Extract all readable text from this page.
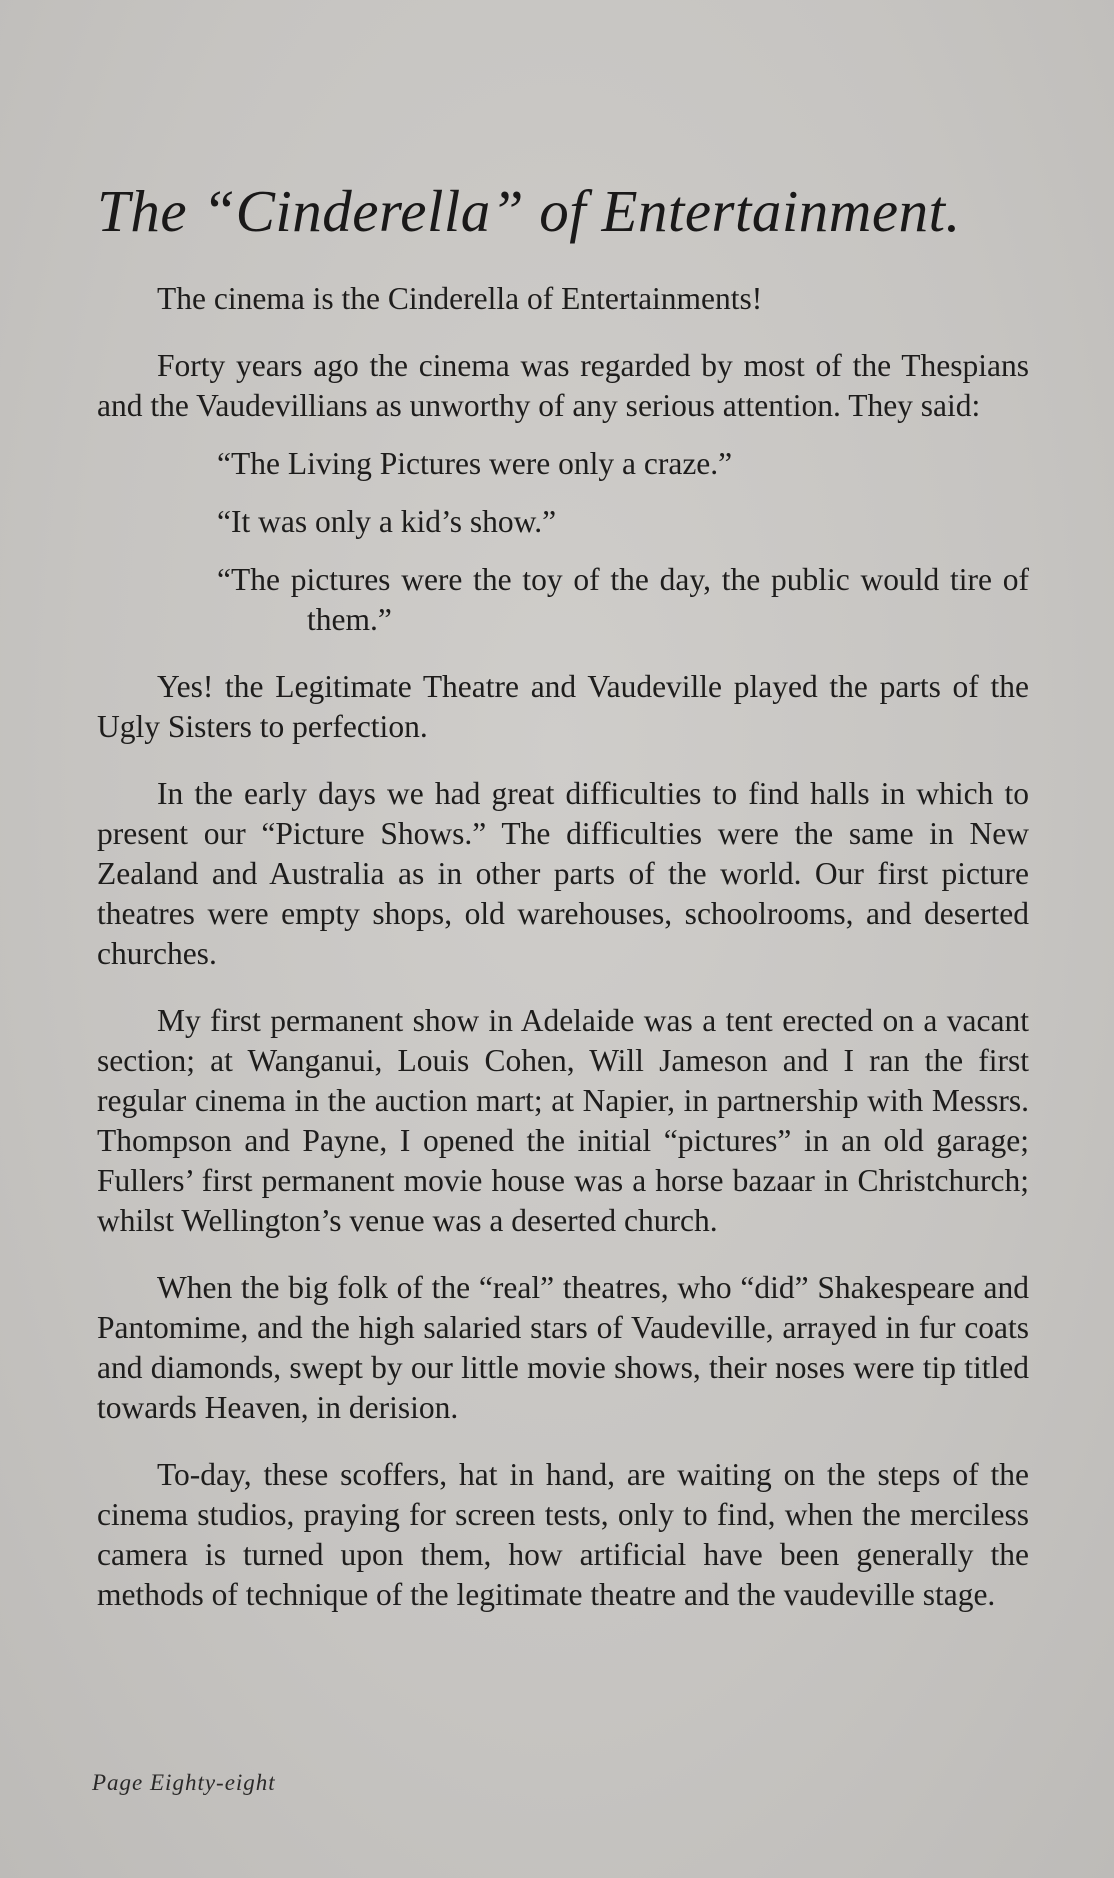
The “Cinderella” of Entertainment.

The cinema is the Cinderella of Entertainments!

Forty years ago the cinema was regarded by most of the Thespians and the Vaudevillians as unworthy of any serious attention. They said:

“The Living Pictures were only a craze.”

“It was only a kid’s show.”

“The pictures were the toy of the day, the public would tire of them.”

Yes! the Legitimate Theatre and Vaudeville played the parts of the Ugly Sisters to perfection.

In the early days we had great difficulties to find halls in which to present our “Picture Shows.” The difficulties were the same in New Zealand and Australia as in other parts of the world. Our first picture theatres were empty shops, old warehouses, schoolrooms, and deserted churches.

My first permanent show in Adelaide was a tent erected on a vacant section; at Wanganui, Louis Cohen, Will Jameson and I ran the first regular cinema in the auction mart; at Napier, in partnership with Messrs. Thompson and Payne, I opened the initial “pictures” in an old garage; Fullers’ first permanent movie house was a horse bazaar in Christchurch; whilst Wellington’s venue was a deserted church.

When the big folk of the “real” theatres, who “did” Shakespeare and Pantomime, and the high salaried stars of Vaudeville, arrayed in fur coats and diamonds, swept by our little movie shows, their noses were tip titled towards Heaven, in derision.

To-day, these scoffers, hat in hand, are waiting on the steps of the cinema studios, praying for screen tests, only to find, when the merciless camera is turned upon them, how artificial have been generally the methods of technique of the legitimate theatre and the vaudeville stage.

Page Eighty-eight
